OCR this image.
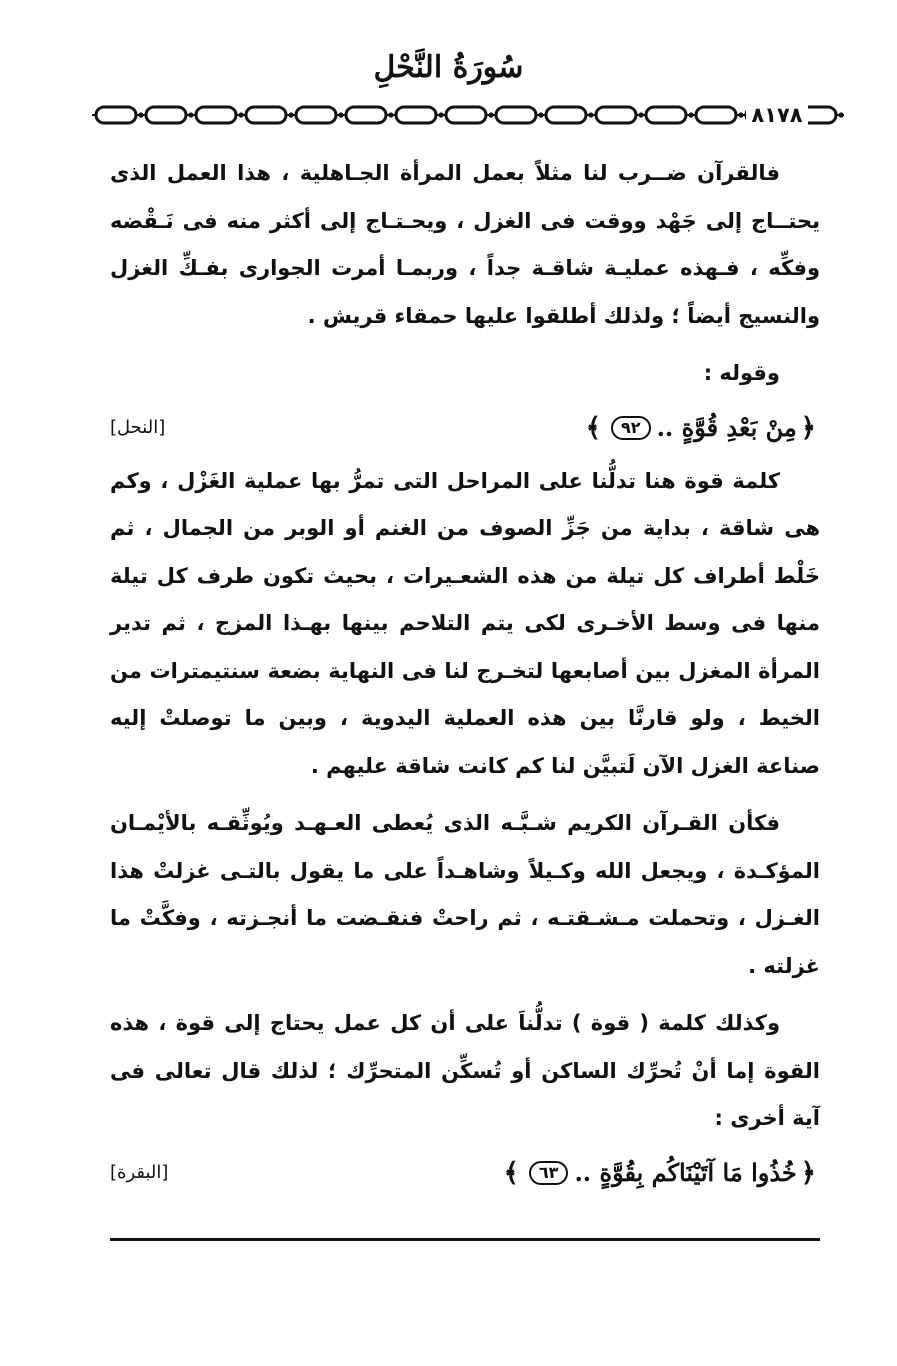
سُورَةُ النَّحْلِ
٨١٧٨

فالقرآن ضــرب لنا مثلاً بعمل المرأة الجـاهلية ، هذا العمل الذى يحتــاج إلى جَهْد ووقت فى الغزل ، ويحـتـاج إلى أكثر منه فى نَـقْضه وفكِّه ، فـهذه عمليـة شاقـة جداً ، وربمـا أمرت الجوارى بفـكِّ الغزل والنسيج أيضاً ؛ ولذلك أطلقوا عليها حمقاء قريش .

وقوله :

﴿
مِنْ بَعْدِ قُوَّةٍ ..
٩٢
﴾
[النحل]

كلمة قوة هنا تدلُّنا على المراحل التى تمرُّ بها عملية الغَزْل ، وكم هى شاقة ، بداية من جَزِّ الصوف من الغنم أو الوبر من الجمال ، ثم خَلْط أطراف كل تيلة من هذه الشعـيرات ، بحيث تكون طرف كل تيلة منها فى وسط الأخـرى لكى يتم التلاحم بينها بهـذا المزج ، ثم تدير المرأة المغزل بين أصابعها لتخـرج لنا فى النهاية بضعة سنتيمترات من الخيط ، ولو قارنَّا بين هذه العملية اليدوية ، وبين ما توصلتْ إليه صناعة الغزل الآن لَتبيَّن لنا كم كانت شاقة عليهم .

فكأن القـرآن الكريم شـبَّـه الذى يُعطى العـهـد ويُوثِّقـه بالأيْمـان المؤكـدة ، ويجعل الله وكـيلاً وشاهـداً على ما يقول بالتـى غزلتْ هذا الغـزل ، وتحملت مـشـقتـه ، ثم راحتْ فنقـضت ما أنجـزته ، وفكَّتْ ما غزلته .

وكذلك كلمة ( قوة ) تدلُّناَ على أن كل عمل يحتاج إلى قوة ، هذه القوة إما أنْ تُحرِّك الساكن أو تُسكِّن المتحرِّك ؛ لذلك قال تعالى فى آية أخرى :

﴿
خُذُوا مَا آتَيْنَاكُم بِقُوَّةٍ ..
٦٣
﴾
[البقرة]
